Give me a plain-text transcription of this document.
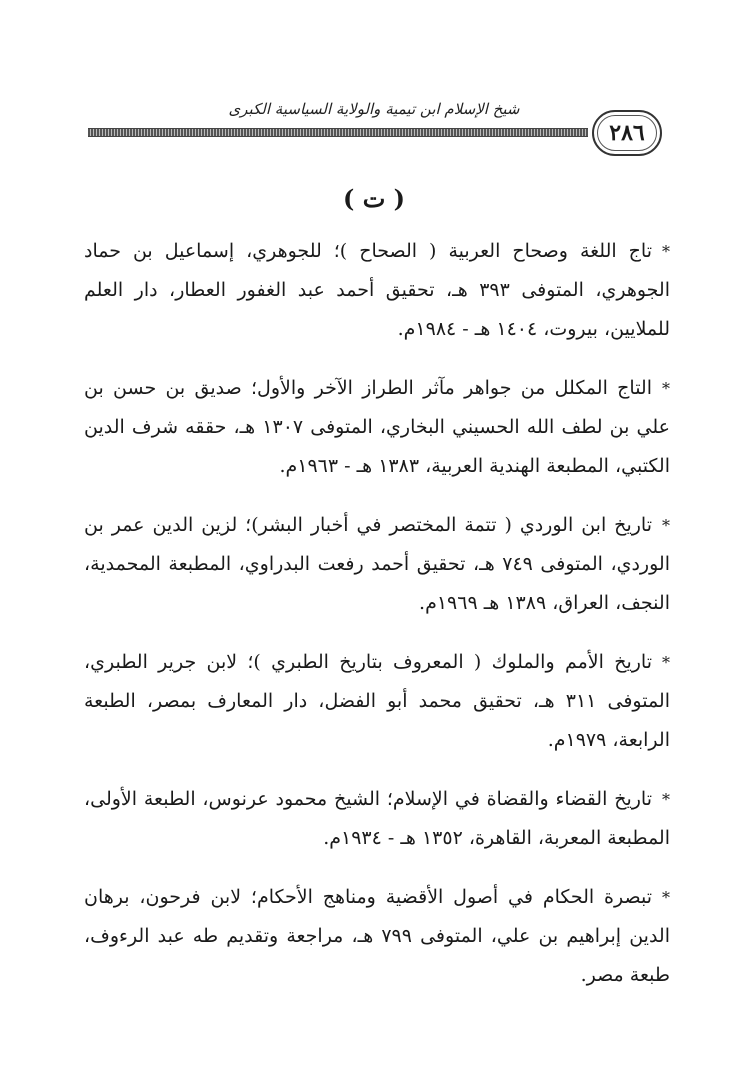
شيخ الإسلام ابن تيمية والولاية السياسية الكبرى
٢٨٦
( ت )
*تاج اللغة وصحاح العربية ( الصحاح )؛ للجوهري، إسماعيل بن حماد الجوهري، المتوفى ٣٩٣ هـ، تحقيق أحمد عبد الغفور العطار، دار العلم للملايين، بيروت، ١٤٠٤ هـ - ١٩٨٤م.
*التاج المكلل من جواهر مآثر الطراز الآخر والأول؛ صديق بن حسن بن علي بن لطف الله الحسيني البخاري، المتوفى ١٣٠٧ هـ، حققه شرف الدين الكتبي، المطبعة الهندية العربية، ١٣٨٣ هـ - ١٩٦٣م.
*تاريخ ابن الوردي ( تتمة المختصر في أخبار البشر)؛ لزين الدين عمر بن الوردي، المتوفى ٧٤٩ هـ، تحقيق أحمد رفعت البدراوي، المطبعة المحمدية، النجف، العراق، ١٣٨٩ هـ ١٩٦٩م.
*تاريخ الأمم والملوك ( المعروف بتاريخ الطبري )؛ لابن جرير الطبري، المتوفى ٣١١ هـ، تحقيق محمد أبو الفضل، دار المعارف بمصر، الطبعة الرابعة، ١٩٧٩م.
*تاريخ القضاء والقضاة في الإسلام؛ الشيخ محمود عرنوس، الطبعة الأولى، المطبعة المعربة، القاهرة، ١٣٥٢ هـ - ١٩٣٤م.
*تبصرة الحكام في أصول الأقضية ومناهج الأحكام؛ لابن فرحون، برهان الدين إبراهيم بن علي، المتوفى ٧٩٩ هـ، مراجعة وتقديم طه عبد الرءوف، طبعة مصر.
